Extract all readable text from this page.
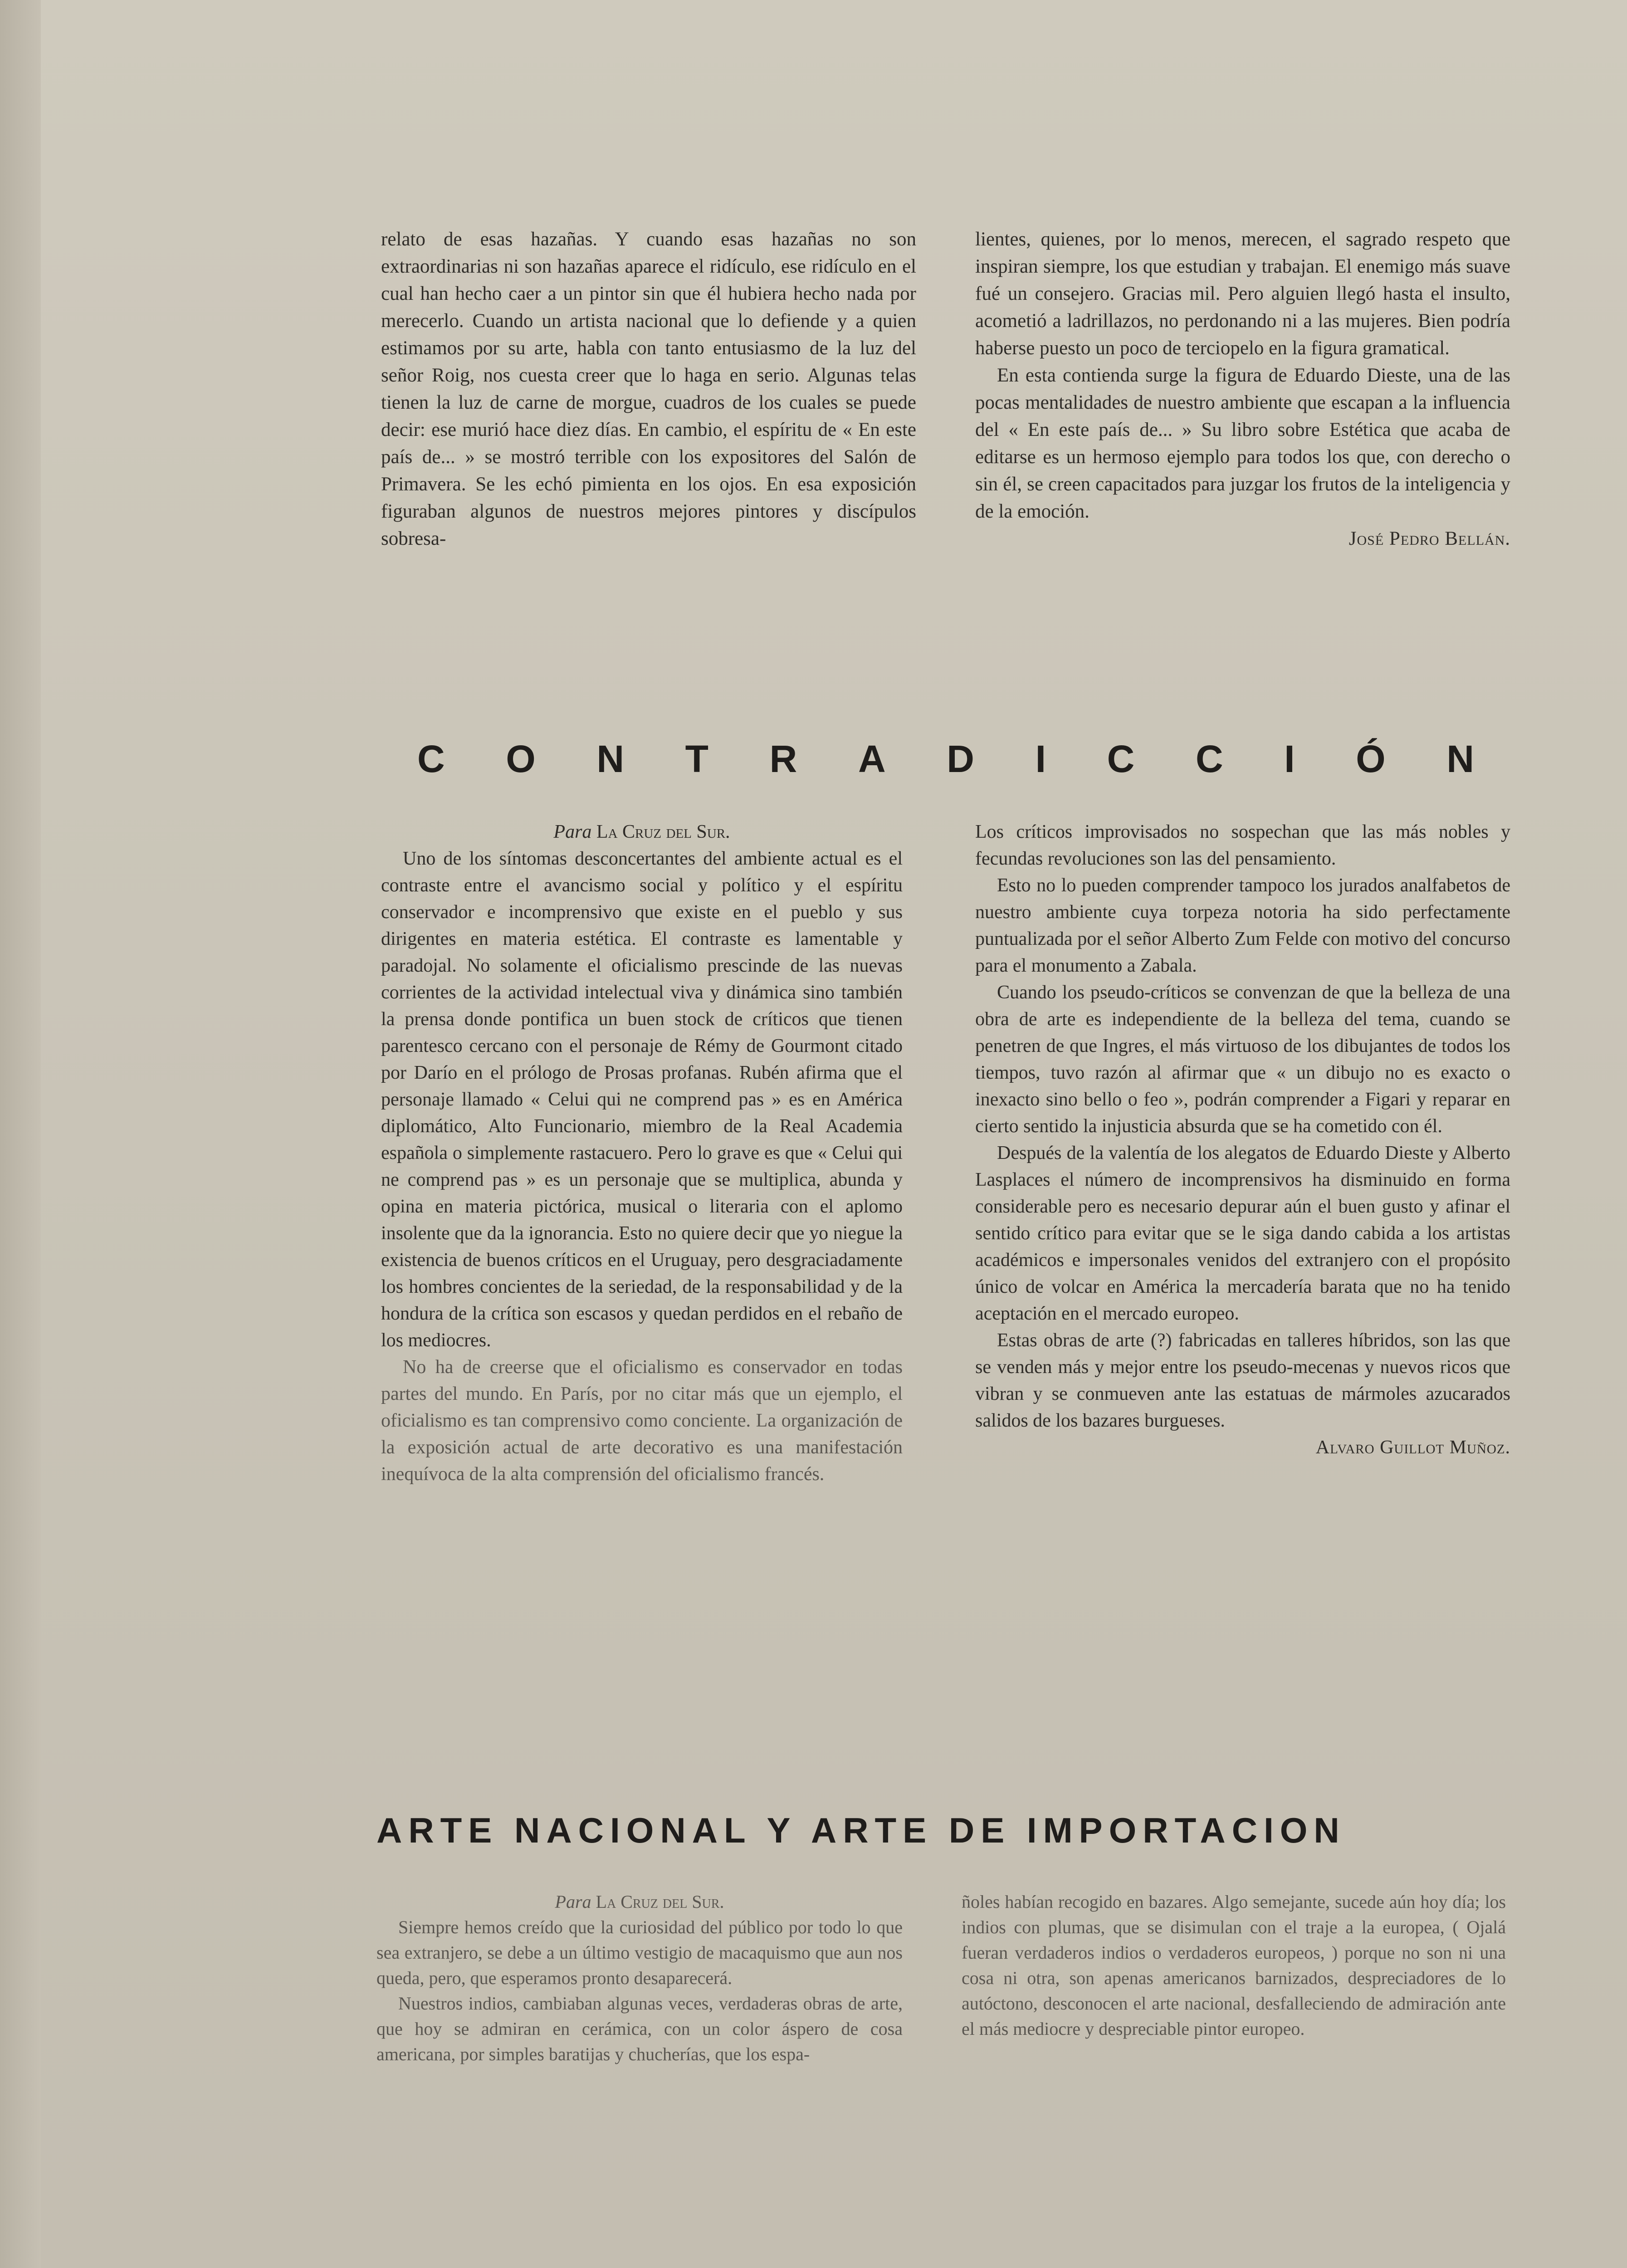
relato de esas hazañas. Y cuando esas hazañas no son extraordinarias ni son hazañas aparece el ridículo, ese ridículo en el cual han hecho caer a un pintor sin que él hubiera hecho nada por merecerlo. Cuando un artista nacional que lo defiende y a quien estimamos por su arte, habla con tanto entusiasmo de la luz del señor Roig, nos cuesta creer que lo haga en serio. Algunas telas tienen la luz de carne de morgue, cuadros de los cuales se puede decir: ese murió hace diez días. En cambio, el espíritu de « En este país de... » se mostró terrible con los expositores del Salón de Primavera. Se les echó pimienta en los ojos. En esa exposición figuraban algunos de nuestros mejores pintores y discípulos sobresa-

lientes, quienes, por lo menos, merecen, el sagrado respeto que inspiran siempre, los que estudian y trabajan. El enemigo más suave fué un consejero. Gracias mil. Pero alguien llegó hasta el insulto, acometió a ladrillazos, no perdonando ni a las mujeres. Bien podría haberse puesto un poco de terciopelo en la figura gramatical.

En esta contienda surge la figura de Eduardo Dieste, una de las pocas mentalidades de nuestro ambiente que escapan a la influencia del « En este país de... » Su libro sobre Estética que acaba de editarse es un hermoso ejemplo para todos los que, con derecho o sin él, se creen capacitados para juzgar los frutos de la inteligencia y de la emoción.

José Pedro Bellán.

C O N T R A D I C C I Ó N

Para La Cruz del Sur.

Uno de los síntomas desconcertantes del ambiente actual es el contraste entre el avancismo social y político y el espíritu conservador e incomprensivo que existe en el pueblo y sus dirigentes en materia estética. El contraste es lamentable y paradojal. No solamente el oficialismo prescinde de las nuevas corrientes de la actividad intelectual viva y dinámica sino también la prensa donde pontifica un buen stock de críticos que tienen parentesco cercano con el personaje de Rémy de Gourmont citado por Darío en el prólogo de Prosas profanas. Rubén afirma que el personaje llamado « Celui qui ne comprend pas » es en América diplomático, Alto Funcionario, miembro de la Real Academia española o simplemente rastacuero. Pero lo grave es que « Celui qui ne comprend pas » es un personaje que se multiplica, abunda y opina en materia pictórica, musical o literaria con el aplomo insolente que da la ignorancia. Esto no quiere decir que yo niegue la existencia de buenos críticos en el Uruguay, pero desgraciadamente los hombres concientes de la seriedad, de la responsabilidad y de la hondura de la crítica son escasos y quedan perdidos en el rebaño de los mediocres.

No ha de creerse que el oficialismo es conservador en todas partes del mundo. En París, por no citar más que un ejemplo, el oficialismo es tan comprensivo como conciente. La organización de la exposición actual de arte decorativo es una manifestación inequívoca de la alta comprensión del oficialismo francés.

Los críticos improvisados no sospechan que las más nobles y fecundas revoluciones son las del pensamiento.

Esto no lo pueden comprender tampoco los jurados analfabetos de nuestro ambiente cuya torpeza notoria ha sido perfectamente puntualizada por el señor Alberto Zum Felde con motivo del concurso para el monumento a Zabala.

Cuando los pseudo-críticos se convenzan de que la belleza de una obra de arte es independiente de la belleza del tema, cuando se penetren de que Ingres, el más virtuoso de los dibujantes de todos los tiempos, tuvo razón al afirmar que « un dibujo no es exacto o inexacto sino bello o feo », podrán comprender a Figari y reparar en cierto sentido la injusticia absurda que se ha cometido con él.

Después de la valentía de los alegatos de Eduardo Dieste y Alberto Lasplaces el número de incomprensivos ha disminuido en forma considerable pero es necesario depurar aún el buen gusto y afinar el sentido crítico para evitar que se le siga dando cabida a los artistas académicos e impersonales venidos del extranjero con el propósito único de volcar en América la mercadería barata que no ha tenido aceptación en el mercado europeo.

Estas obras de arte (?) fabricadas en talleres híbridos, son las que se venden más y mejor entre los pseudo-mecenas y nuevos ricos que vibran y se conmueven ante las estatuas de mármoles azucarados salidos de los bazares burgueses.

Alvaro Guillot Muñoz.

ARTE NACIONAL Y ARTE DE IMPORTACION

Para La Cruz del Sur.

Siempre hemos creído que la curiosidad del público por todo lo que sea extranjero, se debe a un último vestigio de macaquismo que aun nos queda, pero, que esperamos pronto desaparecerá.

Nuestros indios, cambiaban algunas veces, verdaderas obras de arte, que hoy se admiran en cerámica, con un color áspero de cosa americana, por simples baratijas y chucherías, que los espa-

ñoles habían recogido en bazares. Algo semejante, sucede aún hoy día; los indios con plumas, que se disimulan con el traje a la europea, ( Ojalá fueran verdaderos indios o verdaderos europeos, ) porque no son ni una cosa ni otra, son apenas americanos barnizados, despreciadores de lo autóctono, desconocen el arte nacional, desfalleciendo de admiración ante el más mediocre y despreciable pintor europeo.
